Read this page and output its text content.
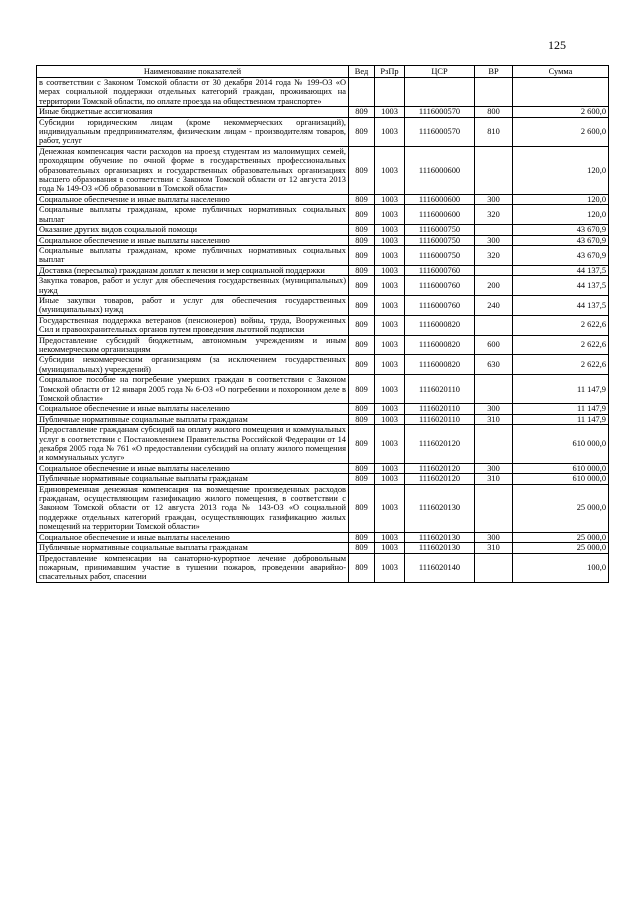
125
Наименование показателей	Вед	РзПр	ЦСР	ВР	Сумма
в соответствии с Законом Томской области от 30 декабря 2014 года № 199-ОЗ «О мерах социальной поддержки отдельных категорий граждан, проживающих на территории Томской области, по оплате проезда на общественном транспорте»					
Иные бюджетные ассигнования	809	1003	1116000570	800	2 600,0
Субсидии юридическим лицам (кроме некоммерческих организаций), индивидуальным предпринимателям, физическим лицам - производителям товаров, работ, услуг	809	1003	1116000570	810	2 600,0
Денежная компенсация части расходов на проезд студентам из малоимущих семей, проходящим обучение по очной форме в государственных профессиональных образовательных организациях и государственных образовательных организациях высшего образования в соответствии с Законом Томской области от 12 августа 2013 года № 149-ОЗ «Об образовании в Томской области»	809	1003	1116000600		120,0
Социальное обеспечение и иные выплаты населению	809	1003	1116000600	300	120,0
Социальные выплаты гражданам, кроме публичных нормативных социальных выплат	809	1003	1116000600	320	120,0
Оказание других видов социальной помощи	809	1003	1116000750		43 670,9
Социальное обеспечение и иные выплаты населению	809	1003	1116000750	300	43 670,9
Социальные выплаты гражданам, кроме публичных нормативных социальных выплат	809	1003	1116000750	320	43 670,9
Доставка (пересылка) гражданам доплат к пенсии и мер социальной поддержки	809	1003	1116000760		44 137,5
Закупка товаров, работ и услуг для обеспечения государственных (муниципальных) нужд	809	1003	1116000760	200	44 137,5
Иные закупки товаров, работ и услуг для обеспечения государственных (муниципальных) нужд	809	1003	1116000760	240	44 137,5
Государственная поддержка ветеранов (пенсионеров) войны, труда, Вооруженных Сил и правоохранительных органов путем проведения льготной подписки	809	1003	1116000820		2 622,6
Предоставление субсидий бюджетным, автономным учреждениям и иным некоммерческим организациям	809	1003	1116000820	600	2 622,6
Субсидии некоммерческим организациям (за исключением государственных (муниципальных) учреждений)	809	1003	1116000820	630	2 622,6
Социальное пособие на погребение умерших граждан в соответствии с Законом Томской области от 12 января 2005 года № 6-ОЗ «О погребении и похоронном деле в Томской области»	809	1003	1116020110		11 147,9
Социальное обеспечение и иные выплаты населению	809	1003	1116020110	300	11 147,9
Публичные нормативные социальные выплаты гражданам	809	1003	1116020110	310	11 147,9
Предоставление гражданам субсидий на оплату жилого помещения и коммунальных услуг в соответствии с Постановлением Правительства Российской Федерации от 14 декабря 2005 года № 761 «О предоставлении субсидий на оплату жилого помещения и коммунальных услуг»	809	1003	1116020120		610 000,0
Социальное обеспечение и иные выплаты населению	809	1003	1116020120	300	610 000,0
Публичные нормативные социальные выплаты гражданам	809	1003	1116020120	310	610 000,0
Единовременная денежная компенсация на возмещение произведенных расходов гражданам, осуществляющим газификацию жилого помещения, в соответствии с Законом Томской области от 12 августа 2013 года № 143-ОЗ «О социальной поддержке отдельных категорий граждан, осуществляющих газификацию жилых помещений на территории Томской области»	809	1003	1116020130		25 000,0
Социальное обеспечение и иные выплаты населению	809	1003	1116020130	300	25 000,0
Публичные нормативные социальные выплаты гражданам	809	1003	1116020130	310	25 000,0
Предоставление компенсации на санаторно-курортное лечение добровольным пожарным, принимавшим участие в тушении пожаров, проведении аварийно-спасательных работ, спасении	809	1003	1116020140		100,0
